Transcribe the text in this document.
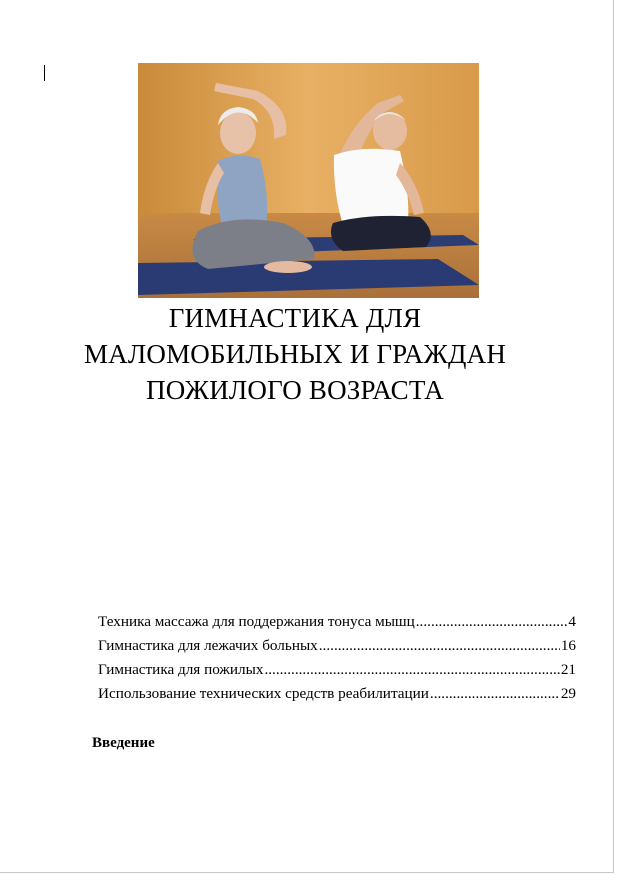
ГИМНАСТИКА ДЛЯ
МАЛОМОБИЛЬНЫХ И ГРАЖДАН
ПОЖИЛОГО ВОЗРАСТА
Техника массажа для поддержания тонуса мышц .....	4
Гимнастика для лежачих больных .....	16
Гимнастика для пожилых .....	21
Использование технических средств реабилитации .....	29
Введение
